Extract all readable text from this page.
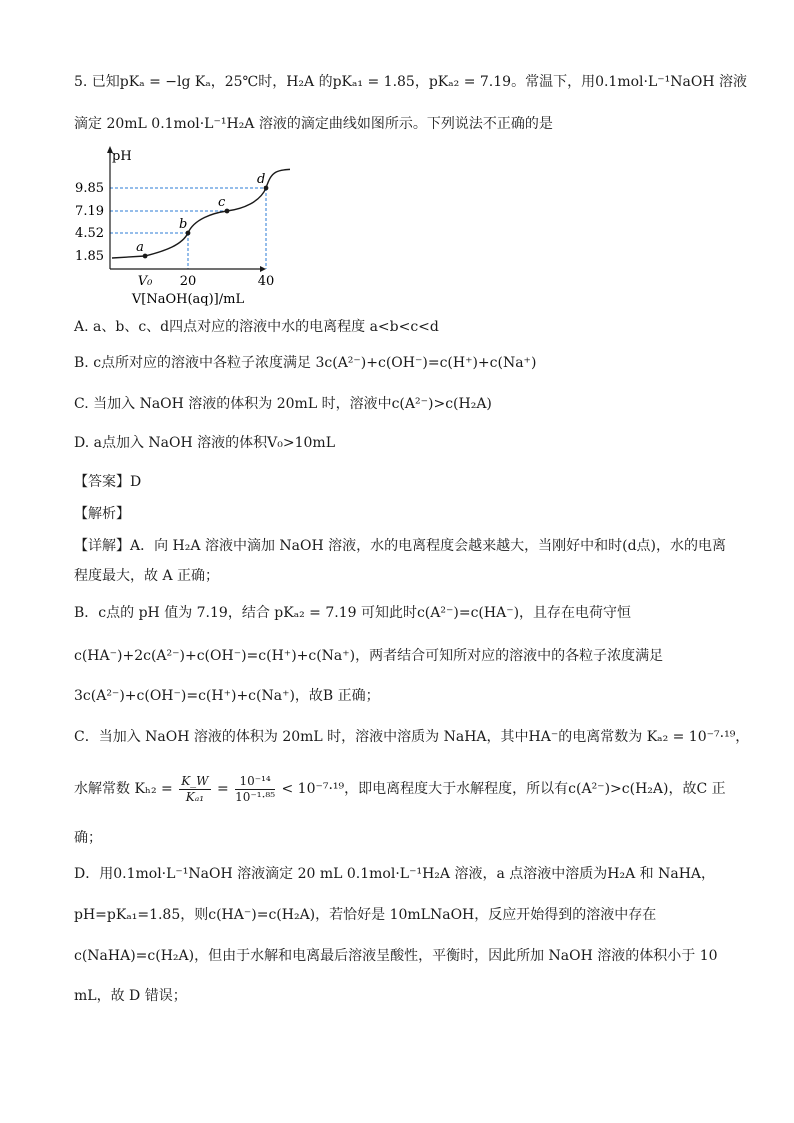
5. 已知pKₐ = −lg Kₐ，25℃时，H₂A 的pKₐ₁ = 1.85，pKₐ₂ = 7.19。常温下，用0.1mol·L⁻¹NaOH 溶液
滴定 20mL 0.1mol·L⁻¹H₂A 溶液的滴定曲线如图所示。下列说法不正确的是
pH
9.85
7.19
4.52
1.85
V₀ 20	40
a
b
c
d
V[NaOH(aq)]/mL
A. a、b、c、d四点对应的溶液中水的电离程度 a<b<c<d
B. c点所对应的溶液中各粒子浓度满足 3c(A²⁻)+c(OH⁻)=c(H⁺)+c(Na⁺)
C. 当加入 NaOH 溶液的体积为 20mL 时，溶液中c(A²⁻)>c(H₂A)
D. a点加入 NaOH 溶液的体积V₀>10mL
【答案】D
【解析】
【详解】A．向 H₂A 溶液中滴加 NaOH 溶液，水的电离程度会越来越大，当刚好中和时(d点)，水的电离
程度最大，故 A 正确；
B．c点的 pH 值为 7.19，结合 pKₐ₂ = 7.19 可知此时c(A²⁻)=c(HA⁻)，且存在电荷守恒
c(HA⁻)+2c(A²⁻)+c(OH⁻)=c(H⁺)+c(Na⁺)，两者结合可知所对应的溶液中的各粒子浓度满足
3c(A²⁻)+c(OH⁻)=c(H⁺)+c(Na⁺)，故B 正确；
C．当加入 NaOH 溶液的体积为 20mL 时，溶液中溶质为 NaHA，其中HA⁻的电离常数为 Kₐ₂ = 10⁻⁷·¹⁹，
水解常数 $K_{h2} = \frac{K\_W}{\text{Kₐ₁}} = \frac{\text{10⁻¹⁴}}{\text{10⁻¹·⁸⁵}} < 10^{-7}\cdot^{19}$，即电离程度大于水解程度，所以有c(A²⁻)>c(H₂A)，故C 正
确；
D．用0.1mol·L⁻¹NaOH 溶液滴定 20 mL 0.1mol·L⁻¹H₂A 溶液，a 点溶液中溶质为H₂A 和 NaHA，
pH=pKₐ₁=1.85，则c(HA⁻)=c(H₂A)，若恰好是 10mLNaOH，反应开始得到的溶液中存在
c(NaHA)=c(H₂A)，但由于水解和电离最后溶液呈酸性，平衡时，因此所加 NaOH 溶液的体积小于 10
mL，故 D 错误；
